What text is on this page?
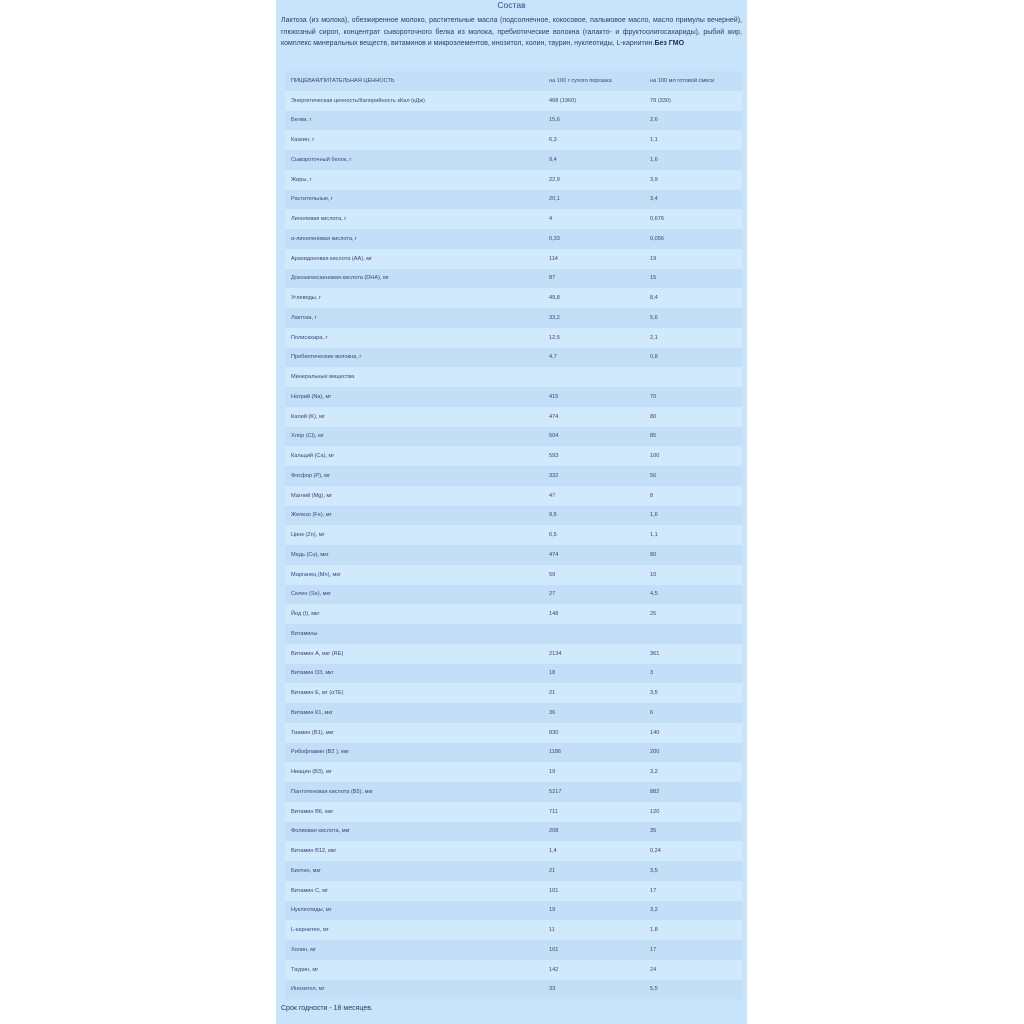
Состав
Лактоза (из молока), обезжиренное молоко, растительные масла (подсолнечное, кокосовое, пальмовое масло, масло примулы вечерней), глюкозный сироп, концентрат сывороточного белка из молока, пребиотические волокна (галакто- и фруктоолигосахариды), рыбий жир, комплекс минеральных веществ, витаминов и микроэлементов, инозитол, холин, таурин, нуклеотиды, L-карнитин.Без ГМО
ПИЩЕВАЯ/ПИТАТЕЛЬНАЯ ЦЕННОСТЬ	на 100 г сухого порошка	на 100 мл готовой смеси
Энергетическая ценность/Калорийность кКал (кДж)	468 (1960)	79 (330)
Белки, г	15,6	2,6
Казеин, г	6,3	1,1
Сывороточный белок, г	9,4	1,6
Жиры, г	22,9	3,9
Растительные, г	20,1	3,4
Линолевая кислота, г	4	0,676
α-линоленовая кислота, г	0,33	0,056
Арахидоновая кислота (АА), мг	114	19
Докозагексаеновая кислота (DHA), мг	87	15
Углеводы, г	49,8	8,4
Лактоза, г	33,2	5,6
Полисахара, г	12,5	2,1
Пребиотические волокна, г	4,7	0,8
Минеральные вещества		
Натрий (Na), мг	415	70
Калий (K), мг	474	80
Хлор (Cl), мг	504	85
Кальций (Ca), мг	593	100
Фосфор (P), мг	332	56
Магний (Mg), мг	47	8
Железо (Fe), мг	9,5	1,6
Цинк (Zn), мг	6,5	1,1
Медь (Cu), мкг	474	80
Марганец (Mn), мкг	59	10
Селен (Se), мкг	27	4,5
Йод (I), мкг	148	25
Витамины		
Витамин А, мкг (RE)	2134	361
Витамин D3, мкг	18	3
Витамин Е, мг (αTE)	21	3,5
Витамин К1, мкг	36	6
Тиамин (В1), мкг	830	140
Рибофлавин (В2 ), мкг	1186	200
Ниацин (В3), мг	19	3,2
Пантотеновая кислота (В5), мкг	5217	882
Витамин В6, мкг	711	120
Фолиевая кислота, мкг	208	35
Витамин В12, мкг	1,4	0,24
Биотин, мкг	21	3,5
Витамин С, мг	101	17
Нуклеотиды, мг	19	3,2
L-карнитин, мг	11	1,8
Холин, мг	101	17
Таурин, мг	142	24
Инозитол, мг	33	5,5
Срок годности - 18 месяцев.
